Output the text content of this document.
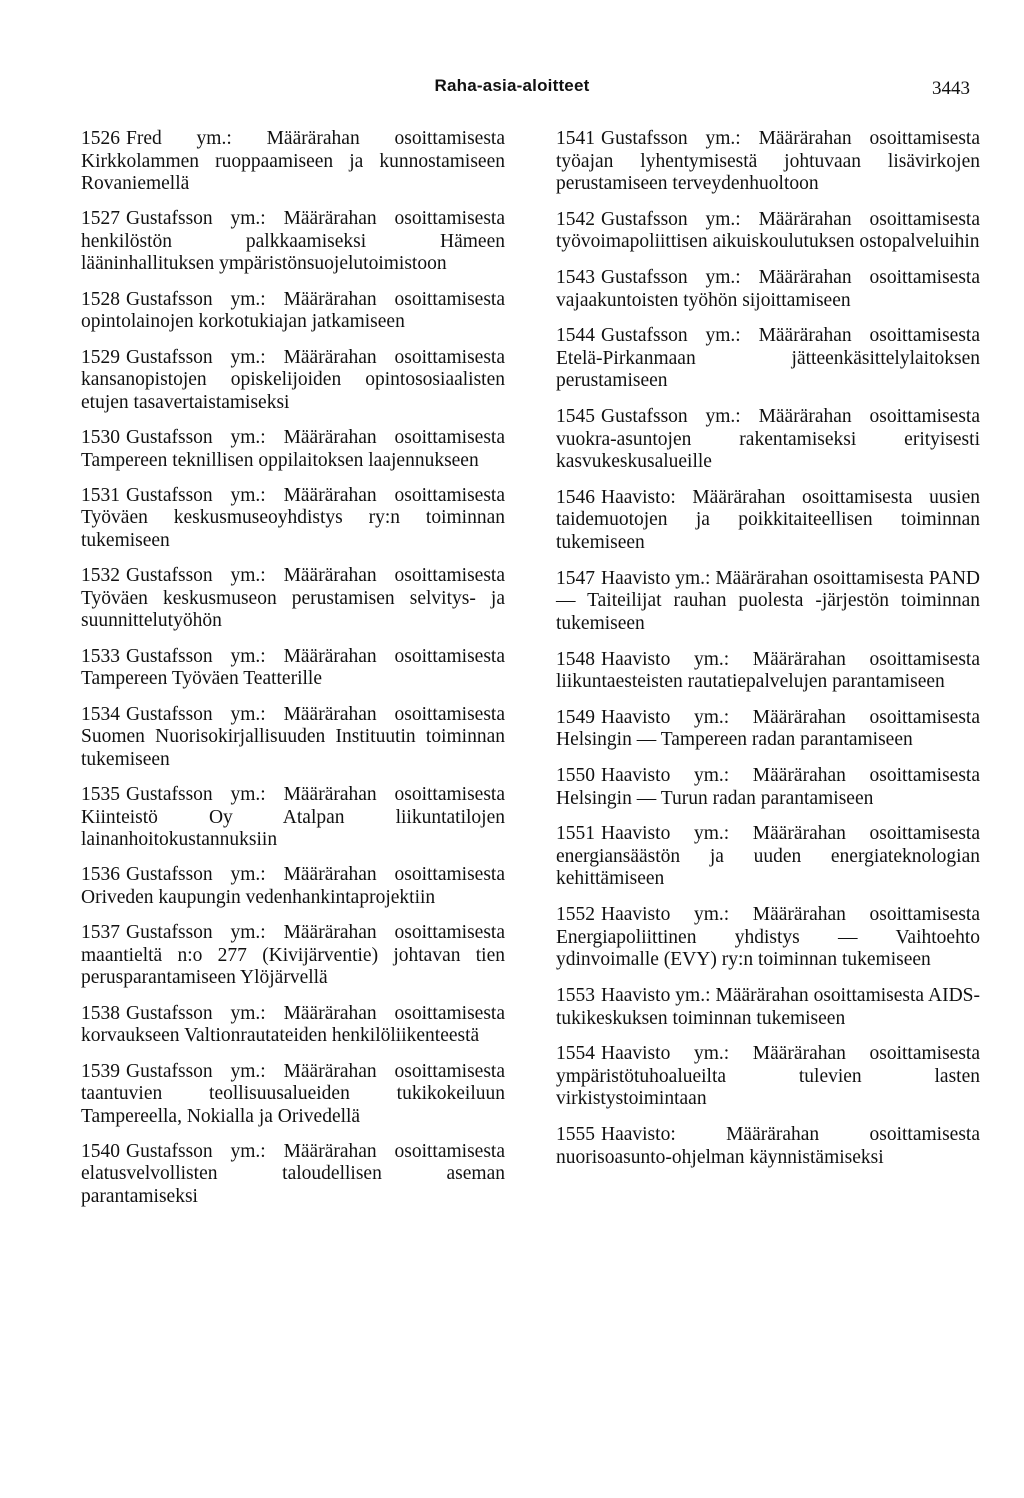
Raha-asia-aloitteet	3443

1526 Fred ym.: Määrärahan osoittamisesta Kirkkolammen ruoppaamiseen ja kunnostamiseen Rovaniemellä

1527 Gustafsson ym.: Määrärahan osoittamisesta henkilöstön palkkaamiseksi Hämeen lääninhallituksen ympäristönsuojelutoimistoon

1528 Gustafsson ym.: Määrärahan osoittamisesta opintolainojen korkotukiajan jatkamiseen

1529 Gustafsson ym.: Määrärahan osoittamisesta kansanopistojen opiskelijoiden opintososiaalisten etujen tasavertaistamiseksi

1530 Gustafsson ym.: Määrärahan osoittamisesta Tampereen teknillisen oppilaitoksen laajennukseen

1531 Gustafsson ym.: Määrärahan osoittamisesta Työväen keskusmuseoyhdistys ry:n toiminnan tukemiseen

1532 Gustafsson ym.: Määrärahan osoittamisesta Työväen keskusmuseon perustamisen selvitys- ja suunnittelutyöhön

1533 Gustafsson ym.: Määrärahan osoittamisesta Tampereen Työväen Teatterille

1534 Gustafsson ym.: Määrärahan osoittamisesta Suomen Nuorisokirjallisuuden Instituutin toiminnan tukemiseen

1535 Gustafsson ym.: Määrärahan osoittamisesta Kiinteistö Oy Atalpan liikuntatilojen lainanhoitokustannuksiin

1536 Gustafsson ym.: Määrärahan osoittamisesta Oriveden kaupungin vedenhankintaprojektiin

1537 Gustafsson ym.: Määrärahan osoittamisesta maantieltä n:o 277 (Kivijärventie) johtavan tien perusparantamiseen Ylöjärvellä

1538 Gustafsson ym.: Määrärahan osoittamisesta korvaukseen Valtionrautateiden henkilöliikenteestä

1539 Gustafsson ym.: Määrärahan osoittamisesta taantuvien teollisuusalueiden tukikokeiluun Tampereella, Nokialla ja Orivedellä

1540 Gustafsson ym.: Määrärahan osoittamisesta elatusvelvollisten taloudellisen aseman parantamiseksi

1541 Gustafsson ym.: Määrärahan osoittamisesta työajan lyhentymisestä johtuvaan lisävirkojen perustamiseen terveydenhuoltoon

1542 Gustafsson ym.: Määrärahan osoittamisesta työvoimapoliittisen aikuiskoulutuksen ostopalveluihin

1543 Gustafsson ym.: Määrärahan osoittamisesta vajaakuntoisten työhön sijoittamiseen

1544 Gustafsson ym.: Määrärahan osoittamisesta Etelä-Pirkanmaan jätteenkäsittelylaitoksen perustamiseen

1545 Gustafsson ym.: Määrärahan osoittamisesta vuokra-asuntojen rakentamiseksi erityisesti kasvukeskusalueille

1546 Haavisto: Määrärahan osoittamisesta uusien taidemuotojen ja poikkitaiteellisen toiminnan tukemiseen

1547 Haavisto ym.: Määrärahan osoittamisesta PAND — Taiteilijat rauhan puolesta -järjestön toiminnan tukemiseen

1548 Haavisto ym.: Määrärahan osoittamisesta liikuntaesteisten rautatiepalvelujen parantamiseen

1549 Haavisto ym.: Määrärahan osoittamisesta Helsingin — Tampereen radan parantamiseen

1550 Haavisto ym.: Määrärahan osoittamisesta Helsingin — Turun radan parantamiseen

1551 Haavisto ym.: Määrärahan osoittamisesta energiansäästön ja uuden energiateknologian kehittämiseen

1552 Haavisto ym.: Määrärahan osoittamisesta Energiapoliittinen yhdistys — Vaihtoehto ydinvoimalle (EVY) ry:n toiminnan tukemiseen

1553 Haavisto ym.: Määrärahan osoittamisesta AIDS-tukikeskuksen toiminnan tukemiseen

1554 Haavisto ym.: Määrärahan osoittamisesta ympäristötuhoalueilta tulevien lasten virkistystoimintaan

1555 Haavisto: Määrärahan osoittamisesta nuorisoasunto-ohjelman käynnistämiseksi
